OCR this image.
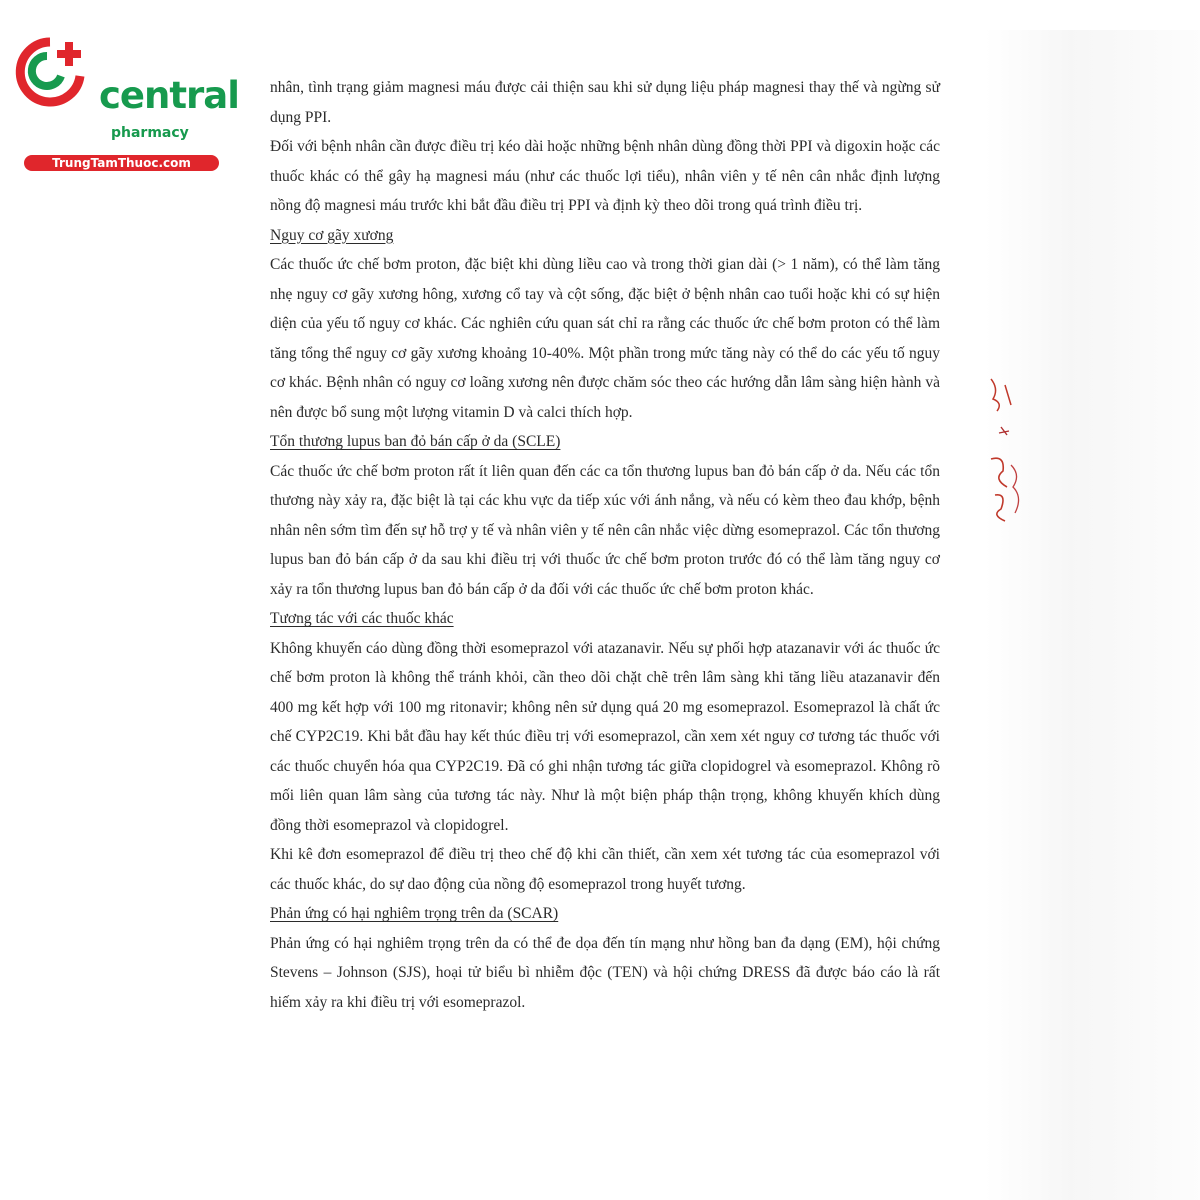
central
pharmacy
TrungTamThuoc.com

nhân, tình trạng giảm magnesi máu được cải thiện sau khi sử dụng liệu pháp magnesi thay thế và ngừng sử dụng PPI.

Đối với bệnh nhân cần được điều trị kéo dài hoặc những bệnh nhân dùng đồng thời PPI và digoxin hoặc các thuốc khác có thể gây hạ magnesi máu (như các thuốc lợi tiểu), nhân viên y tế nên cân nhắc định lượng nồng độ magnesi máu trước khi bắt đầu điều trị PPI và định kỳ theo dõi trong quá trình điều trị.

Nguy cơ gãy xương

Các thuốc ức chế bơm proton, đặc biệt khi dùng liều cao và trong thời gian dài (> 1 năm), có thể làm tăng nhẹ nguy cơ gãy xương hông, xương cổ tay và cột sống, đặc biệt ở bệnh nhân cao tuổi hoặc khi có sự hiện diện của yếu tố nguy cơ khác. Các nghiên cứu quan sát chỉ ra rằng các thuốc ức chế bơm proton có thể làm tăng tổng thể nguy cơ gãy xương khoảng 10-40%. Một phần trong mức tăng này có thể do các yếu tố nguy cơ khác. Bệnh nhân có nguy cơ loãng xương nên được chăm sóc theo các hướng dẫn lâm sàng hiện hành và nên được bổ sung một lượng vitamin D và calci thích hợp.

Tổn thương lupus ban đỏ bán cấp ở da (SCLE)

Các thuốc ức chế bơm proton rất ít liên quan đến các ca tổn thương lupus ban đỏ bán cấp ở da. Nếu các tổn thương này xảy ra, đặc biệt là tại các khu vực da tiếp xúc với ánh nắng, và nếu có kèm theo đau khớp, bệnh nhân nên sớm tìm đến sự hỗ trợ y tế và nhân viên y tế nên cân nhắc việc dừng esomeprazol. Các tổn thương lupus ban đỏ bán cấp ở da sau khi điều trị với thuốc ức chế bơm proton trước đó có thể làm tăng nguy cơ xảy ra tổn thương lupus ban đỏ bán cấp ở da đối với các thuốc ức chế bơm proton khác.

Tương tác với các thuốc khác

Không khuyến cáo dùng đồng thời esomeprazol với atazanavir. Nếu sự phối hợp atazanavir với ác thuốc ức chế bơm proton là không thể tránh khỏi, cần theo dõi chặt chẽ trên lâm sàng khi tăng liều atazanavir đến 400 mg kết hợp với 100 mg ritonavir; không nên sử dụng quá 20 mg esomeprazol. Esomeprazol là chất ức chế CYP2C19. Khi bắt đầu hay kết thúc điều trị với esomeprazol, cần xem xét nguy cơ tương tác thuốc với các thuốc chuyển hóa qua CYP2C19. Đã có ghi nhận tương tác giữa clopidogrel và esomeprazol. Không rõ mối liên quan lâm sàng của tương tác này. Như là một biện pháp thận trọng, không khuyến khích dùng đồng thời esomeprazol và clopidogrel.

Khi kê đơn esomeprazol để điều trị theo chế độ khi cần thiết, cần xem xét tương tác của esomeprazol với các thuốc khác, do sự dao động của nồng độ esomeprazol trong huyết tương.

Phản ứng có hại nghiêm trọng trên da (SCAR)

Phản ứng có hại nghiêm trọng trên da có thể đe dọa đến tín mạng như hồng ban đa dạng (EM), hội chứng Stevens – Johnson (SJS), hoại tử biểu bì nhiễm độc (TEN) và hội chứng DRESS đã được báo cáo là rất hiếm xảy ra khi điều trị với esomeprazol.
